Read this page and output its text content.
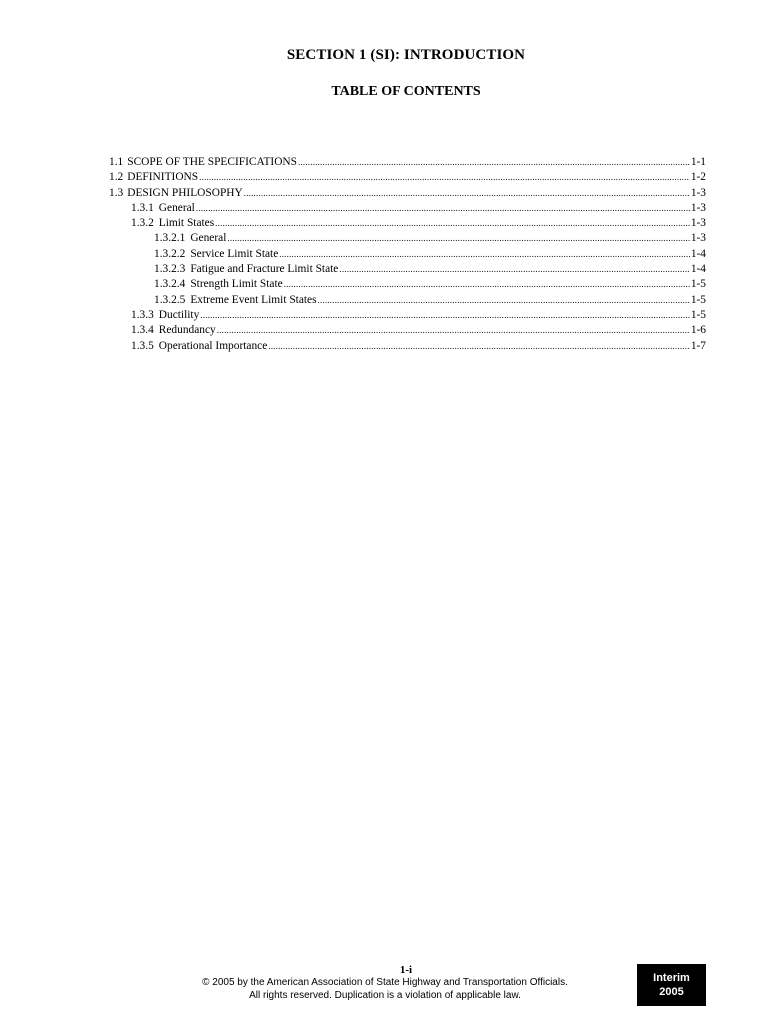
SECTION 1 (SI): INTRODUCTION
TABLE OF CONTENTS
1.1 SCOPE OF THE SPECIFICATIONS .....	1-1
1.2 DEFINITIONS .....	1-2
1.3 DESIGN PHILOSOPHY .....	1-3
1.3.1 General .....	1-3
1.3.2 Limit States .....	1-3
1.3.2.1 General .....	1-3
1.3.2.2 Service Limit State .....	1-4
1.3.2.3 Fatigue and Fracture Limit State .....	1-4
1.3.2.4 Strength Limit State .....	1-5
1.3.2.5 Extreme Event Limit States .....	1-5
1.3.3 Ductility .....	1-5
1.3.4 Redundancy .....	1-6
1.3.5 Operational Importance .....	1-7
1-i
© 2005 by the American Association of State Highway and Transportation Officials.
All rights reserved. Duplication is a violation of applicable law.
Interim
2005
